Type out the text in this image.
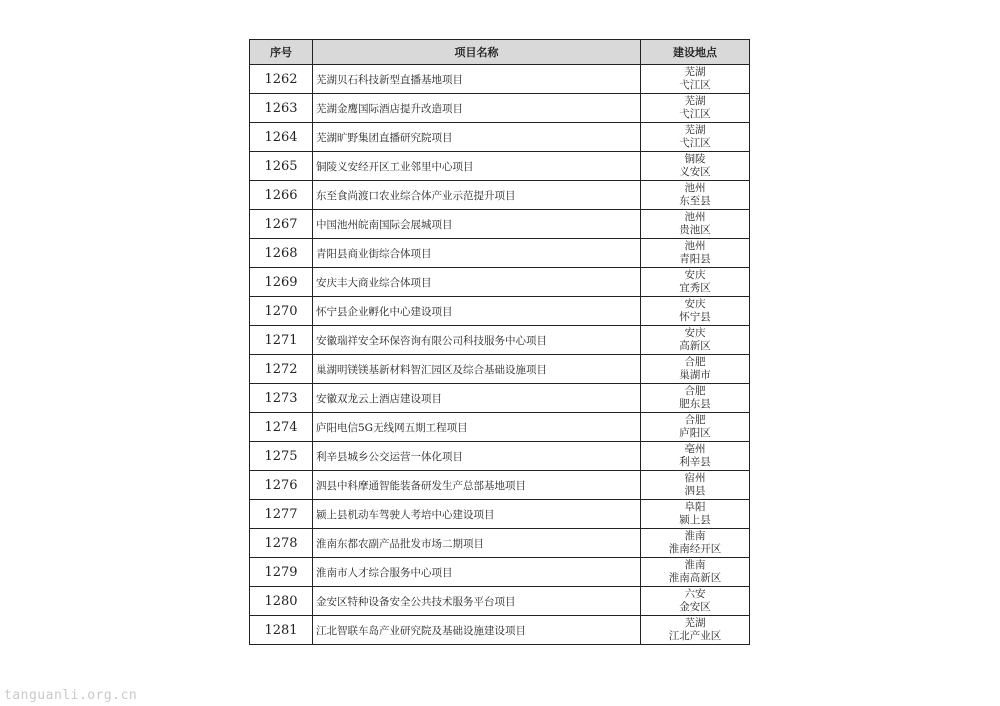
序号	项目名称	建设地点
1262	芜湖贝石科技新型直播基地项目	芜湖
弋江区

1263	芜湖金鹰国际酒店提升改造项目	芜湖
弋江区

1264	芜湖旷野集团直播研究院项目	芜湖
弋江区

1265	铜陵义安经开区工业邻里中心项目	铜陵
义安区

1266	东至食尚渡口农业综合体产业示范提升项目	池州
东至县

1267	中国池州皖南国际会展城项目	池州
贵池区

1268	青阳县商业街综合体项目	池州
青阳县

1269	安庆丰大商业综合体项目	安庆
宜秀区

1270	怀宁县企业孵化中心建设项目	安庆
怀宁县

1271	安徽瑞祥安全环保咨询有限公司科技服务中心项目	安庆
高新区

1272	巢湖明镁镁基新材料智汇园区及综合基础设施项目	合肥
巢湖市

1273	安徽双龙云上酒店建设项目	合肥
肥东县

1274	庐阳电信5G无线网五期工程项目	合肥
庐阳区

1275	利辛县城乡公交运营一体化项目	亳州
利辛县

1276	泗县中科摩通智能装备研发生产总部基地项目	宿州
泗县

1277	颍上县机动车驾驶人考培中心建设项目	阜阳
颍上县

1278	淮南东都农副产品批发市场二期项目	淮南
淮南经开区

1279	淮南市人才综合服务中心项目	淮南
淮南高新区

1280	金安区特种设备安全公共技术服务平台项目	六安
金安区

1281	江北智联车岛产业研究院及基础设施建设项目	芜湖
江北产业区
tanguanli.org.cn
